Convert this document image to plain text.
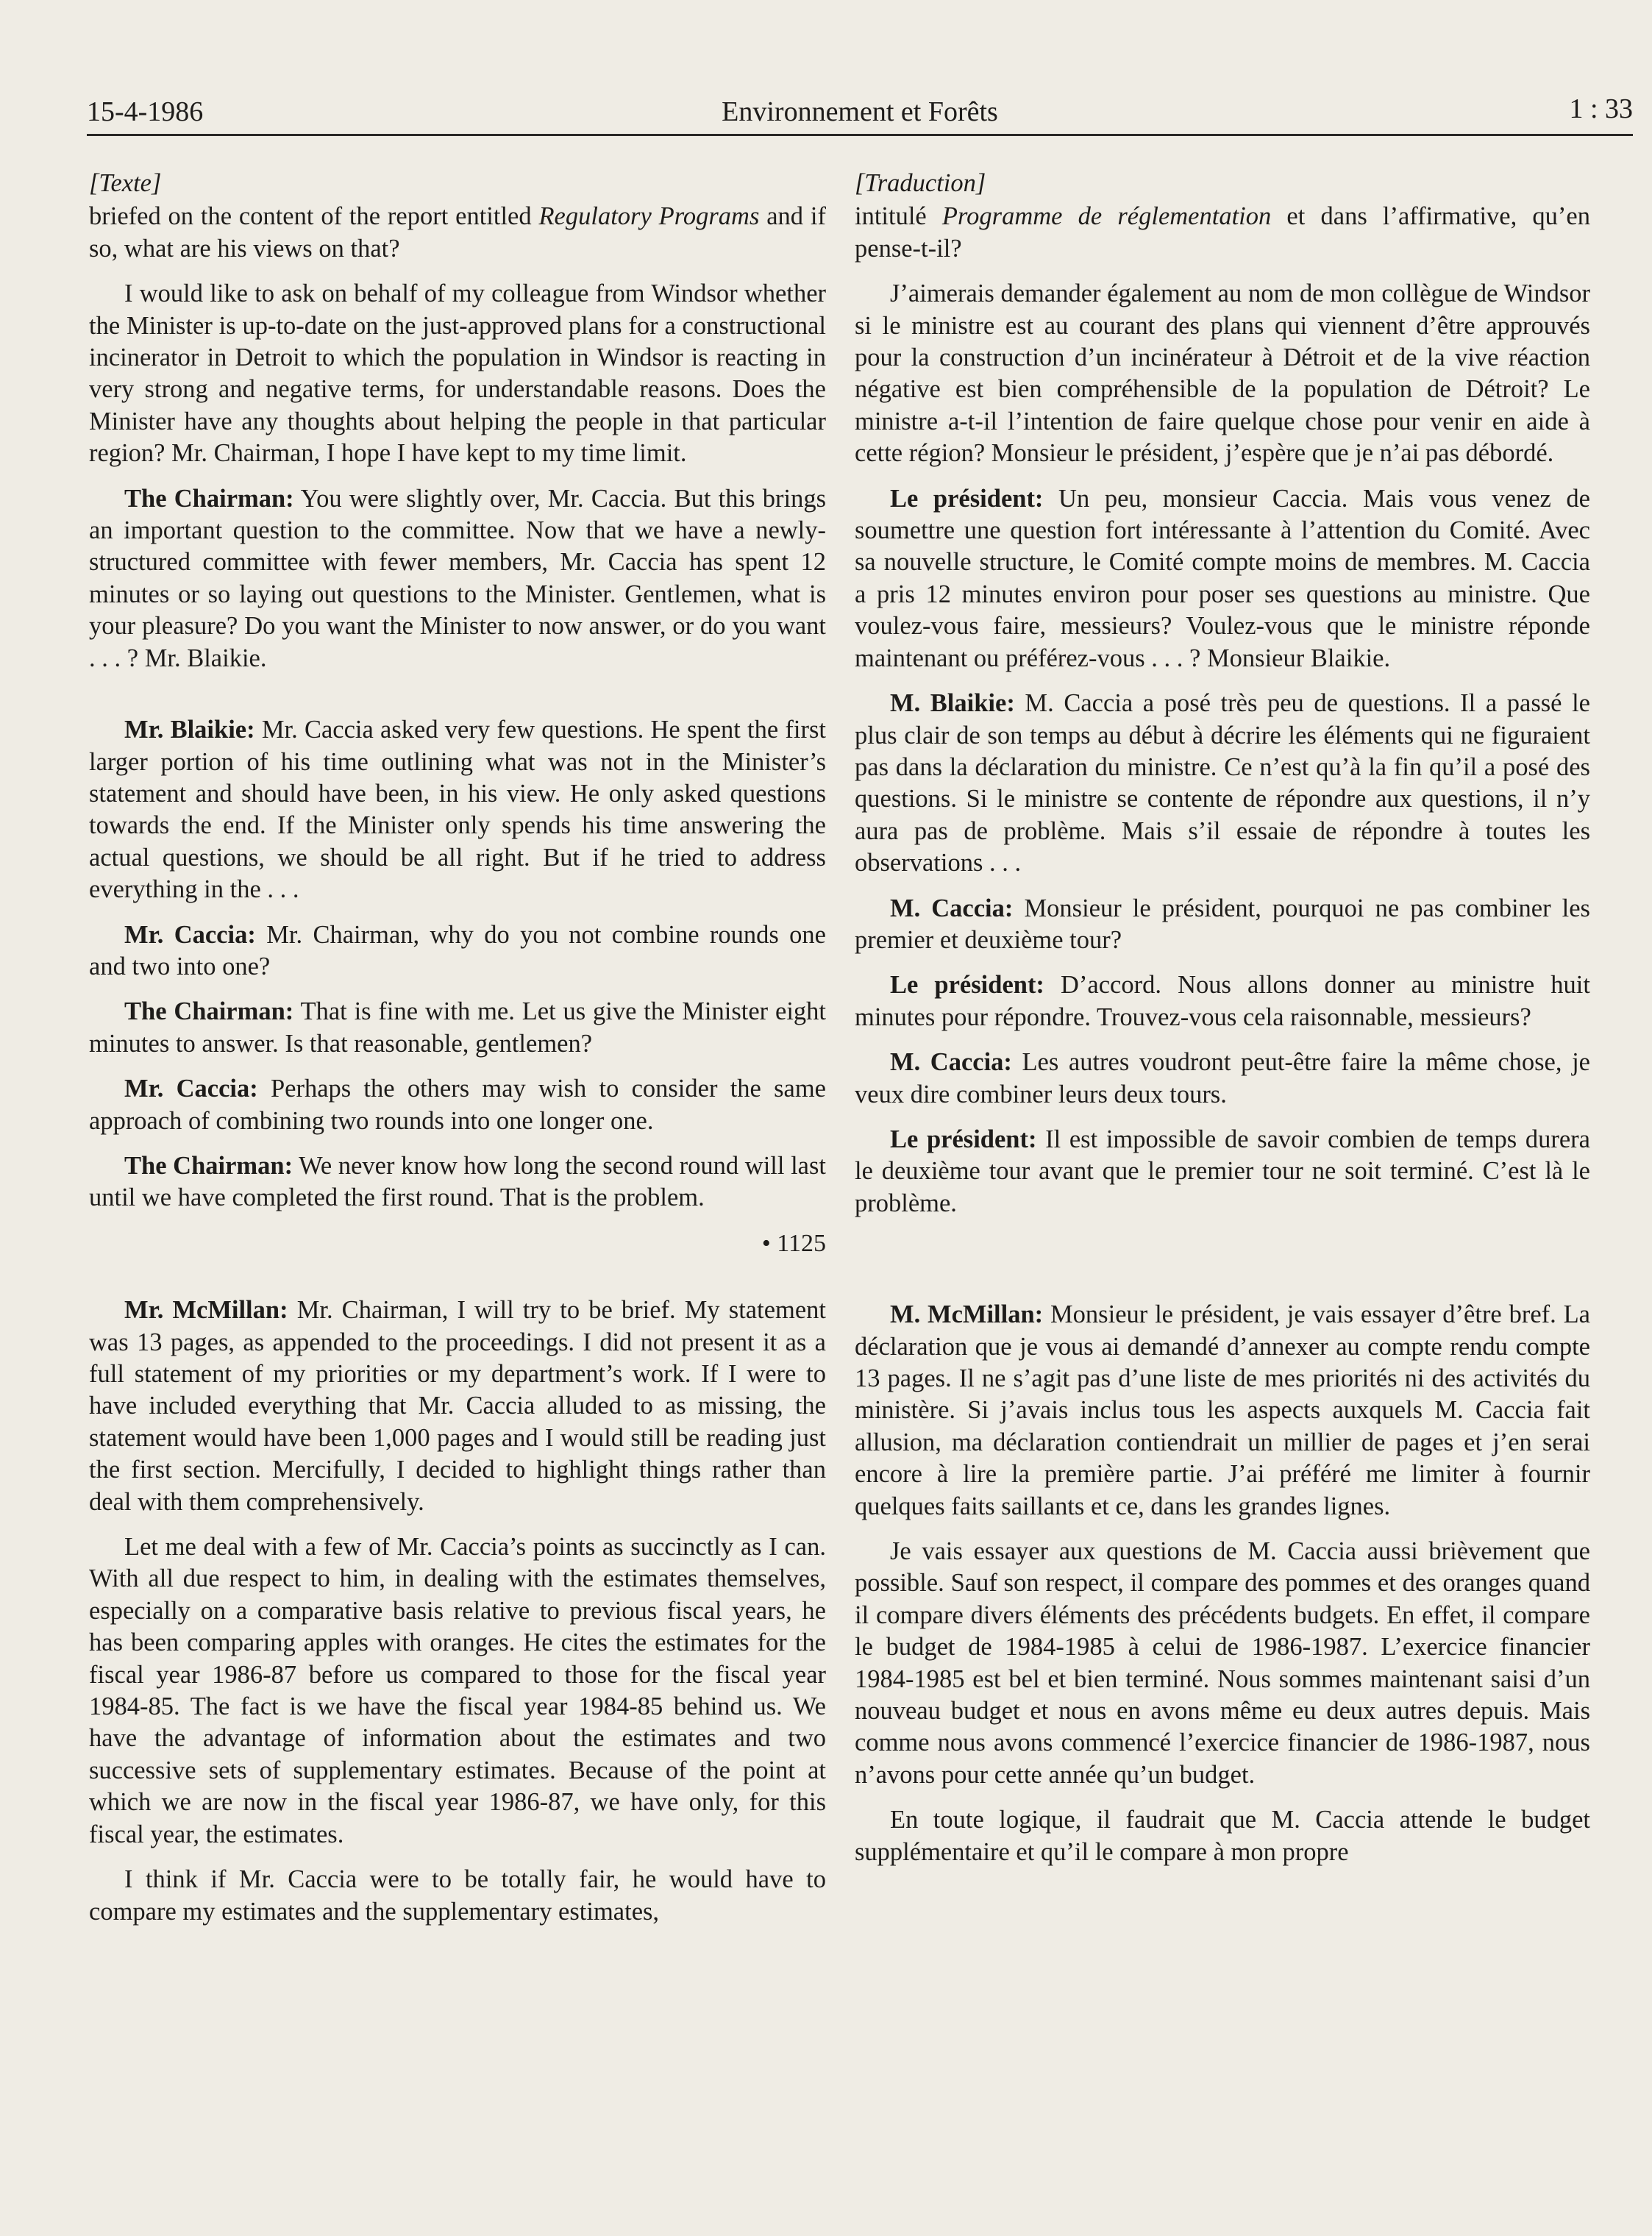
15-4-1986	Environnement et Forêts	1 : 33

[Texte]

briefed on the content of the report entitled Regulatory Programs and if so, what are his views on that?

I would like to ask on behalf of my colleague from Windsor whether the Minister is up-to-date on the just-approved plans for a constructional incinerator in Detroit to which the population in Windsor is reacting in very strong and negative terms, for understandable reasons. Does the Minister have any thoughts about helping the people in that particular region? Mr. Chairman, I hope I have kept to my time limit.

The Chairman: You were slightly over, Mr. Caccia. But this brings an important question to the committee. Now that we have a newly-structured committee with fewer members, Mr. Caccia has spent 12 minutes or so laying out questions to the Minister. Gentlemen, what is your pleasure? Do you want the Minister to now answer, or do you want . . . ? Mr. Blaikie.

Mr. Blaikie: Mr. Caccia asked very few questions. He spent the first larger portion of his time outlining what was not in the Minister’s statement and should have been, in his view. He only asked questions towards the end. If the Minister only spends his time answering the actual questions, we should be all right. But if he tried to address everything in the . . .

Mr. Caccia: Mr. Chairman, why do you not combine rounds one and two into one?

The Chairman: That is fine with me. Let us give the Minister eight minutes to answer. Is that reasonable, gentlemen?

Mr. Caccia: Perhaps the others may wish to consider the same approach of combining two rounds into one longer one.

The Chairman: We never know how long the second round will last until we have completed the first round. That is the problem.

• 1125

Mr. McMillan: Mr. Chairman, I will try to be brief. My statement was 13 pages, as appended to the proceedings. I did not present it as a full statement of my priorities or my department’s work. If I were to have included everything that Mr. Caccia alluded to as missing, the statement would have been 1,000 pages and I would still be reading just the first section. Mercifully, I decided to highlight things rather than deal with them comprehensively.

Let me deal with a few of Mr. Caccia’s points as succinctly as I can. With all due respect to him, in dealing with the estimates themselves, especially on a comparative basis relative to previous fiscal years, he has been comparing apples with oranges. He cites the estimates for the fiscal year 1986-87 before us compared to those for the fiscal year 1984-85. The fact is we have the fiscal year 1984-85 behind us. We have the advantage of information about the estimates and two successive sets of supplementary estimates. Because of the point at which we are now in the fiscal year 1986-87, we have only, for this fiscal year, the estimates.

I think if Mr. Caccia were to be totally fair, he would have to compare my estimates and the supplementary estimates,

[Traduction]

intitulé Programme de réglementation et dans l’affirmative, qu’en pense-t-il?

J’aimerais demander également au nom de mon collègue de Windsor si le ministre est au courant des plans qui viennent d’être approuvés pour la construction d’un incinérateur à Détroit et de la vive réaction négative est bien compréhensible de la population de Détroit? Le ministre a-t-il l’intention de faire quelque chose pour venir en aide à cette région? Monsieur le président, j’espère que je n’ai pas débordé.

Le président: Un peu, monsieur Caccia. Mais vous venez de soumettre une question fort intéressante à l’attention du Comité. Avec sa nouvelle structure, le Comité compte moins de membres. M. Caccia a pris 12 minutes environ pour poser ses questions au ministre. Que voulez-vous faire, messieurs? Voulez-vous que le ministre réponde maintenant ou préférez-vous . . . ? Monsieur Blaikie.

M. Blaikie: M. Caccia a posé très peu de questions. Il a passé le plus clair de son temps au début à décrire les éléments qui ne figuraient pas dans la déclaration du ministre. Ce n’est qu’à la fin qu’il a posé des questions. Si le ministre se contente de répondre aux questions, il n’y aura pas de problème. Mais s’il essaie de répondre à toutes les observations . . .

M. Caccia: Monsieur le président, pourquoi ne pas combiner les premier et deuxième tour?

Le président: D’accord. Nous allons donner au ministre huit minutes pour répondre. Trouvez-vous cela raisonnable, messieurs?

M. Caccia: Les autres voudront peut-être faire la même chose, je veux dire combiner leurs deux tours.

Le président: Il est impossible de savoir combien de temps durera le deuxième tour avant que le premier tour ne soit terminé. C’est là le problème.

M. McMillan: Monsieur le président, je vais essayer d’être bref. La déclaration que je vous ai demandé d’annexer au compte rendu compte 13 pages. Il ne s’agit pas d’une liste de mes priorités ni des activités du ministère. Si j’avais inclus tous les aspects auxquels M. Caccia fait allusion, ma déclaration contiendrait un millier de pages et j’en serai encore à lire la première partie. J’ai préféré me limiter à fournir quelques faits saillants et ce, dans les grandes lignes.

Je vais essayer aux questions de M. Caccia aussi brièvement que possible. Sauf son respect, il compare des pommes et des oranges quand il compare divers éléments des précédents budgets. En effet, il compare le budget de 1984-1985 à celui de 1986-1987. L’exercice financier 1984-1985 est bel et bien terminé. Nous sommes maintenant saisi d’un nouveau budget et nous en avons même eu deux autres depuis. Mais comme nous avons commencé l’exercice financier de 1986-1987, nous n’avons pour cette année qu’un budget.

En toute logique, il faudrait que M. Caccia attende le budget supplémentaire et qu’il le compare à mon propre
